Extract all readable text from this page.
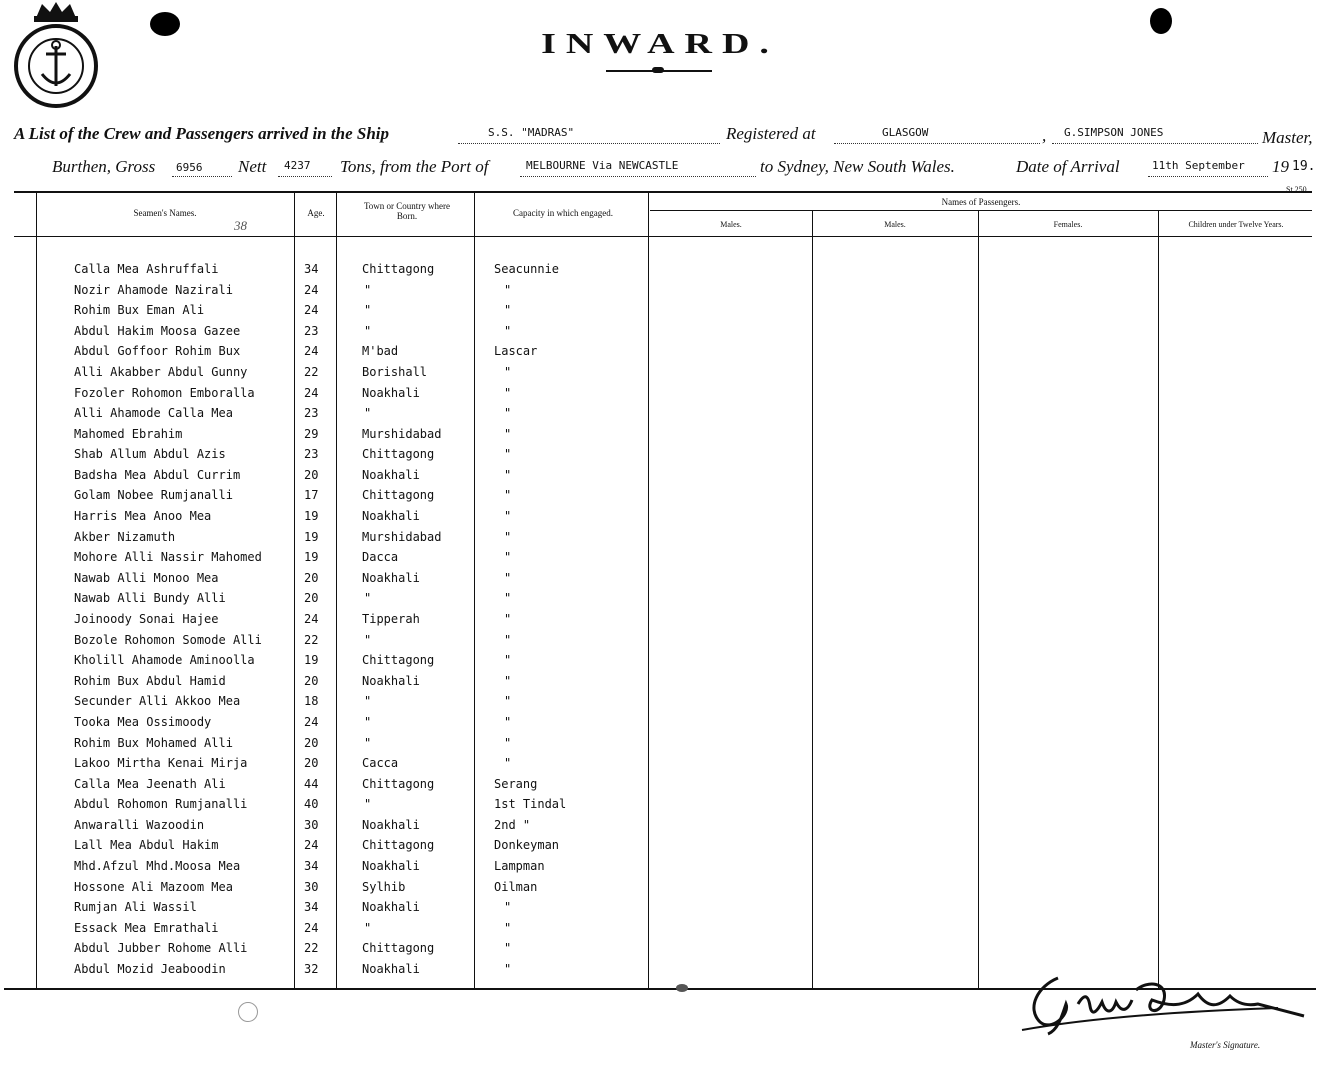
INWARD.
A List of the Crew and Passengers arrived in the Ship	S.S. "MADRAS"	Registered at	GLASGOW	, G.SIMPSON JONES	Master,
Burthen, Gross 6956 Nett 4237 Tons, from the Port of	MELBOURNE Via NEWCASTLE	to Sydney, New South Wales.	Date of Arrival	11th September 19 19.
St 250
Seamen's Names.
38
Age.
Town or Country where Born.	Capacity in which engaged.
Names of Passengers.
Males.	Males.	Females.	Children under Twelve Years.
Calla Mea Ashruffali	34	Chittagong	Seacunnie
Nozir Ahamode Nazirali	24	"	"
Rohim Bux Eman Ali	24	"	"
Abdul Hakim Moosa Gazee	23	"	"
Abdul Goffoor Rohim Bux	24	M'bad	Lascar
Alli Akabber Abdul Gunny	22	Borishall	"
Fozoler Rohomon Emboralla	24	Noakhali	"
Alli Ahamode Calla Mea	23	"	"
Mahomed Ebrahim	29	Murshidabad	"
Shab Allum Abdul Azis	23	Chittagong	"
Badsha Mea Abdul Currim	20	Noakhali	"
Golam Nobee Rumjanalli	17	Chittagong	"
Harris Mea Anoo Mea	19	Noakhali	"
Akber Nizamuth	19	Murshidabad	"
Mohore Alli Nassir Mahomed	19	Dacca	"
Nawab Alli Monoo Mea	20	Noakhali	"
Nawab Alli Bundy Alli	20	"	"
Joinoody Sonai Hajee	24	Tipperah	"
Bozole Rohomon Somode Alli	22	"	"
Kholill Ahamode Aminoolla	19	Chittagong	"
Rohim Bux Abdul Hamid	20	Noakhali	"
Secunder Alli Akkoo Mea	18	"	"
Tooka Mea Ossimoody	24	"	"
Rohim Bux Mohamed Alli	20	"	"
Lakoo Mirtha Kenai Mirja	20	Cacca	"
Calla Mea Jeenath Ali	44	Chittagong	Serang
Abdul Rohomon Rumjanalli	40	"	1st Tindal
Anwaralli Wazoodin	30	Noakhali	2nd "
Lall Mea Abdul Hakim	24	Chittagong	Donkeyman
Mhd.Afzul Mhd.Moosa Mea	34	Noakhali	Lampman
Hossone Ali Mazoom Mea	30	Sylhib	Oilman
Rumjan Ali Wassil	34	Noakhali	"
Essack Mea Emrathali	24	"	"
Abdul Jubber Rohome Alli	22	Chittagong	"
Abdul Mozid Jeaboodin	32	Noakhali	"
Master's Signature.
